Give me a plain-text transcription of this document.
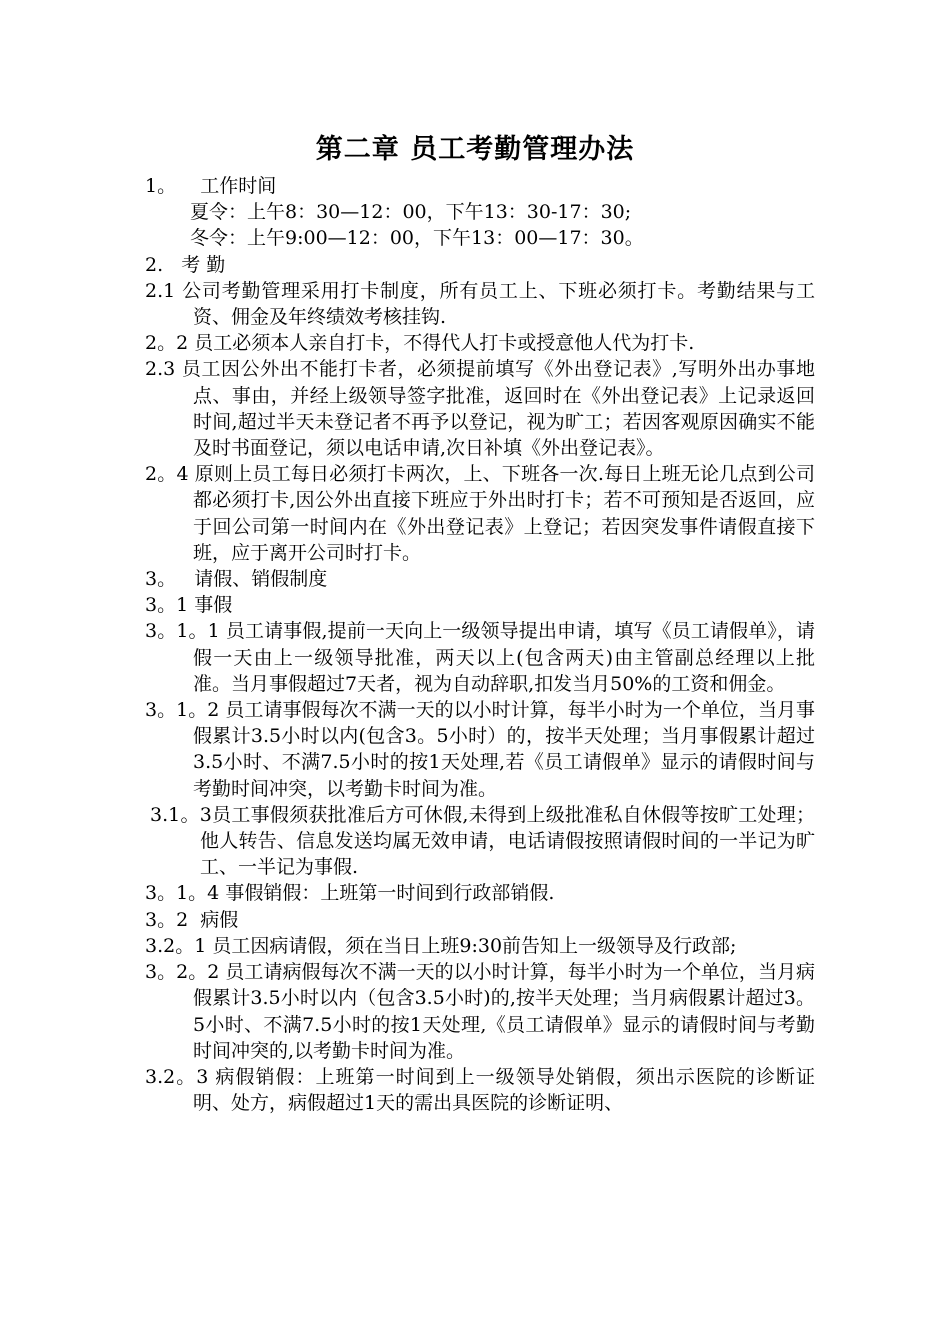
第二章 员工考勤管理办法

1。    工作时间

夏令：上午8：30—12：00，下午13：30-17：30;

冬令：上午9:00—12：00，下午13：00—17：30。

2.   考 勤

2.1 公司考勤管理采用打卡制度，所有员工上、下班必须打卡。考勤结果与工资、佣金及年终绩效考核挂钩.

2。2 员工必须本人亲自打卡，不得代人打卡或授意他人代为打卡.

2.3 员工因公外出不能打卡者，必须提前填写《外出登记表》,写明外出办事地点、事由，并经上级领导签字批准，返回时在《外出登记表》上记录返回时间,超过半天未登记者不再予以登记，视为旷工；若因客观原因确实不能及时书面登记，须以电话申请,次日补填《外出登记表》。

2。4 原则上员工每日必须打卡两次，上、下班各一次.每日上班无论几点到公司都必须打卡,因公外出直接下班应于外出时打卡；若不可预知是否返回，应于回公司第一时间内在《外出登记表》上登记；若因突发事件请假直接下班，应于离开公司时打卡。

3。   请假、销假制度

3。1 事假

3。1。1 员工请事假,提前一天向上一级领导提出申请，填写《员工请假单》，请假一天由上一级领导批准，两天以上(包含两天)由主管副总经理以上批准。当月事假超过7天者，视为自动辞职,扣发当月50%的工资和佣金。

3。1。2 员工请事假每次不满一天的以小时计算，每半小时为一个单位，当月事假累计3.5小时以内(包含3。5小时）的，按半天处理；当月事假累计超过3.5小时、不满7.5小时的按1天处理,若《员工请假单》显示的请假时间与考勤时间冲突，以考勤卡时间为准。

3.1。3员工事假须获批准后方可休假,未得到上级批准私自休假等按旷工处理；他人转告、信息发送均属无效申请，电话请假按照请假时间的一半记为旷工、一半记为事假.

3。1。4 事假销假：上班第一时间到行政部销假.

3。2  病假

3.2。1 员工因病请假，须在当日上班9:30前告知上一级领导及行政部;

3。2。2 员工请病假每次不满一天的以小时计算，每半小时为一个单位，当月病假累计3.5小时以内（包含3.5小时)的,按半天处理；当月病假累计超过3。5小时、不满7.5小时的按1天处理,《员工请假单》显示的请假时间与考勤时间冲突的,以考勤卡时间为准。

3.2。3 病假销假：上班第一时间到上一级领导处销假，须出示医院的诊断证明、处方，病假超过1天的需出具医院的诊断证明、
